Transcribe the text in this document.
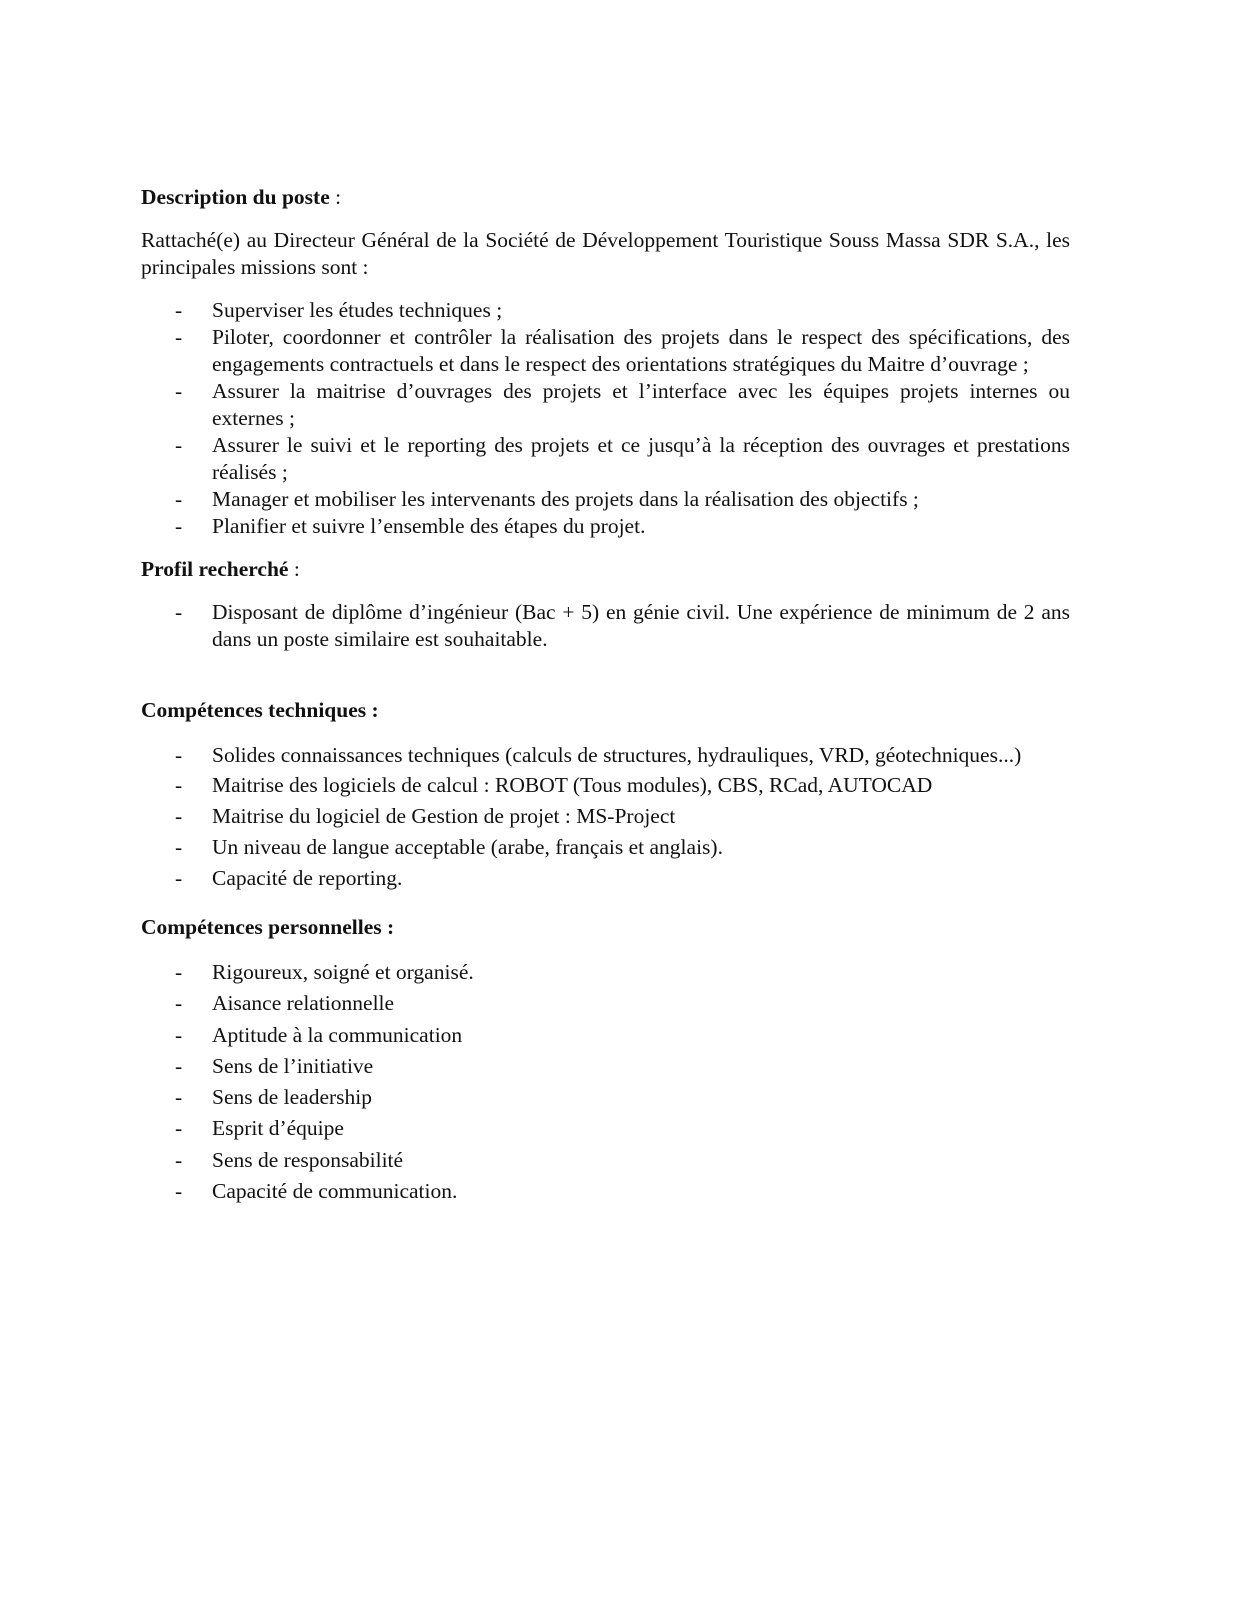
Description du poste :

Rattaché(e) au Directeur Général de la Société de Développement Touristique Souss Massa SDR S.A., les principales missions sont :

- Superviser les études techniques ;
- Piloter, coordonner et contrôler la réalisation des projets dans le respect des spécifications, des engagements contractuels et dans le respect des orientations stratégiques du Maitre d’ouvrage ;
- Assurer la maitrise d’ouvrages des projets et l’interface avec les équipes projets internes ou externes ;
- Assurer le suivi et le reporting des projets et ce jusqu’à la réception des ouvrages et prestations réalisés ;
- Manager et mobiliser les intervenants des projets dans la réalisation des objectifs ;
- Planifier et suivre l’ensemble des étapes du projet.

Profil recherché :

- Disposant de diplôme d’ingénieur (Bac + 5) en génie civil. Une expérience de minimum de 2 ans dans un poste similaire est souhaitable.

Compétences techniques :

- Solides connaissances techniques (calculs de structures, hydrauliques, VRD, géotechniques...)
- Maitrise des logiciels de calcul : ROBOT (Tous modules), CBS, RCad, AUTOCAD
- Maitrise du logiciel de Gestion de projet : MS-Project
- Un niveau de langue acceptable (arabe, français et anglais).
- Capacité de reporting.

Compétences personnelles :

- Rigoureux, soigné et organisé.
- Aisance relationnelle
- Aptitude à la communication
- Sens de l’initiative
- Sens de leadership
- Esprit d’équipe
- Sens de responsabilité
- Capacité de communication.
